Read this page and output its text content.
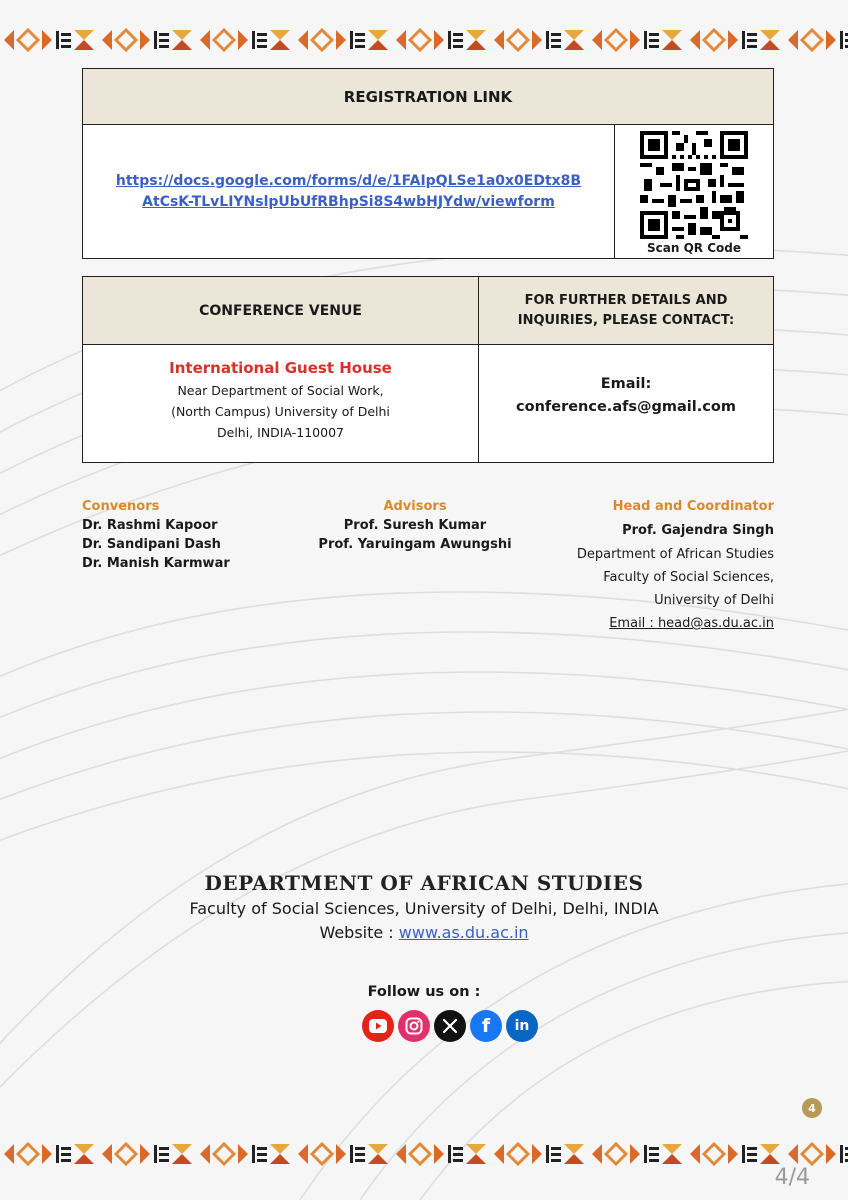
REGISTRATION LINK
https://docs.google.com/forms/d/e/1FAIpQLSe1a0x0EDtx8B
AtCsK-TLvLIYNslpUbUfRBhpSi8S4wbHJYdw/viewform
Scan QR Code
CONFERENCE VENUE
FOR FURTHER DETAILS AND
INQUIRIES, PLEASE CONTACT:
International Guest House
Near Department of Social Work,
(North Campus) University of Delhi
Delhi, INDIA-110007
Email:
conference.afs@gmail.com
Convenors
Dr. Rashmi Kapoor
Dr. Sandipani Dash
Dr. Manish Karmwar
Advisors
Prof. Suresh Kumar
Prof. Yaruingam Awungshi
Head and Coordinator
Prof. Gajendra Singh
Department of African Studies
Faculty of Social Sciences,
University of Delhi
Email : head@as.du.ac.in
DEPARTMENT OF AFRICAN STUDIES
Faculty of Social Sciences, University of Delhi, Delhi, INDIA
Website : www.as.du.ac.in
Follow us on :
f	in
4
4/4
